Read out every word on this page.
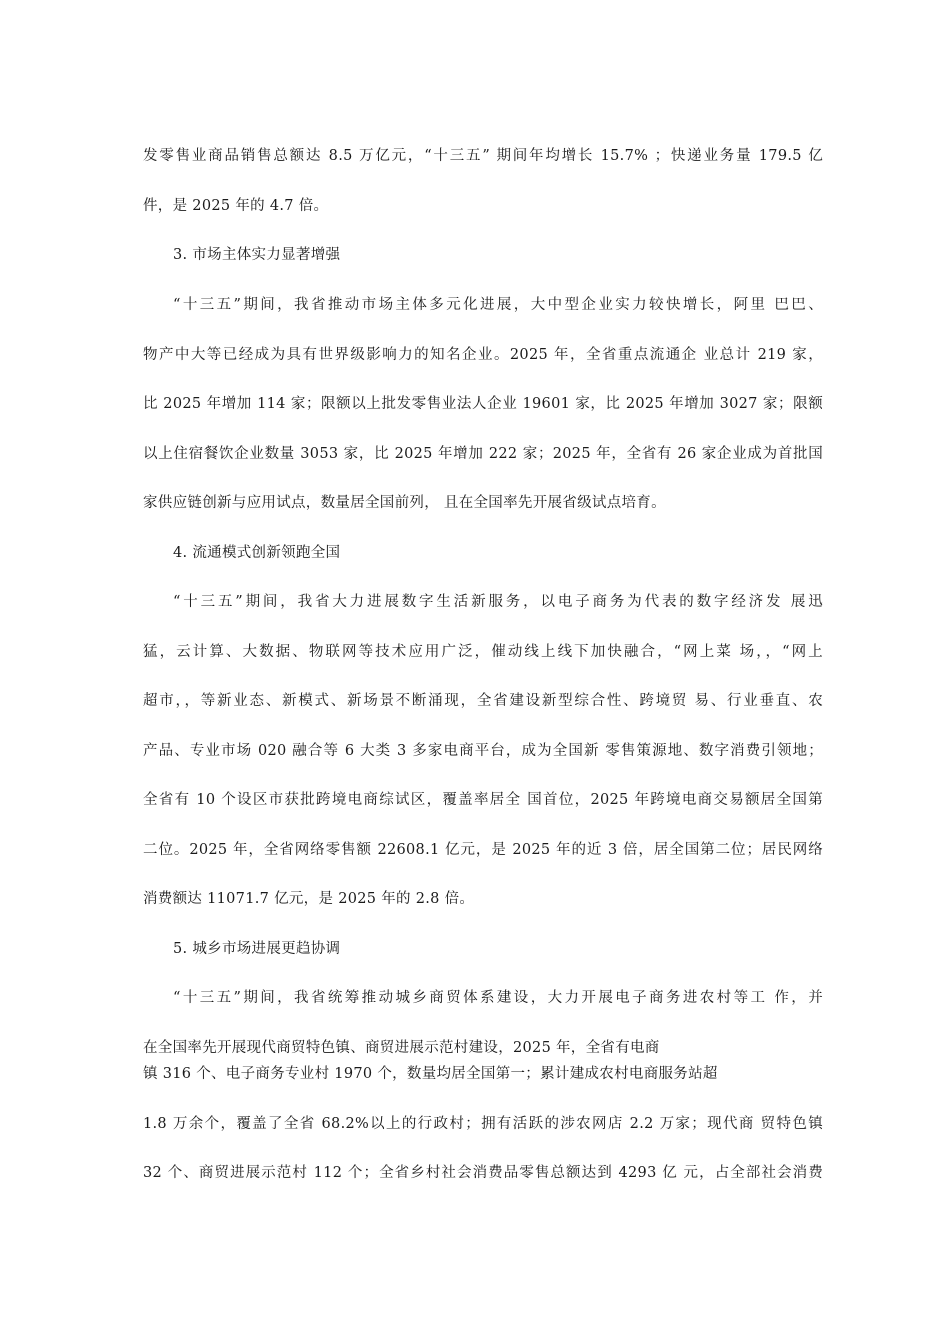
发零售业商品销售总额达 8.5 万亿元，“十三五” 期间年均增长 15.7% ；快递业务量 179.5 亿
件，是 2025 年的 4.7 倍。
3. 市场主体实力显著增强
“十三五”期间，我省推动市场主体多元化进展，大中型企业实力较快增长，阿里 巴巴、
物产中大等已经成为具有世界级影响力的知名企业。2025 年，全省重点流通企 业总计 219 家，
比 2025 年增加 114 家；限额以上批发零售业法人企业 19601 家，比 2025 年增加 3027 家；限额
以上住宿餐饮企业数量 3053 家，比 2025 年增加 222 家；2025 年，全省有 26 家企业成为首批国
家供应链创新与应用试点，数量居全国前列， 且在全国率先开展省级试点培育。
4. 流通模式创新领跑全国
“十三五”期间，我省大力进展数字生活新服务，以电子商务为代表的数字经济发 展迅
猛，云计算、大数据、物联网等技术应用广泛，催动线上线下加快融合，“网上菜 场，，“网上
超市，，等新业态、新模式、新场景不断涌现，全省建设新型综合性、跨境贸 易、行业垂直、农
产品、专业市场 020 融合等 6 大类 3 多家电商平台，成为全国新 零售策源地、数字消费引领地；
全省有 10 个设区市获批跨境电商综试区，覆盖率居全 国首位，2025 年跨境电商交易额居全国第
二位。2025 年，全省网络零售额 22608.1 亿元，是 2025 年的近 3 倍，居全国第二位；居民网络
消费额达 11071.7 亿元，是 2025 年的 2.8 倍。
5. 城乡市场进展更趋协调
“十三五”期间，我省统筹推动城乡商贸体系建设，大力开展电子商务进农村等工 作，并
在全国率先开展现代商贸特色镇、商贸进展示范村建设，2025 年，全省有电商
镇 316 个、电子商务专业村 1970 个，数量均居全国第一；累计建成农村电商服务站超
1.8 万余个，覆盖了全省 68.2%以上的行政村；拥有活跃的涉农网店 2.2 万家；现代商 贸特色镇
32 个、商贸进展示范村 112 个；全省乡村社会消费品零售总额达到 4293 亿 元，占全部社会消费
